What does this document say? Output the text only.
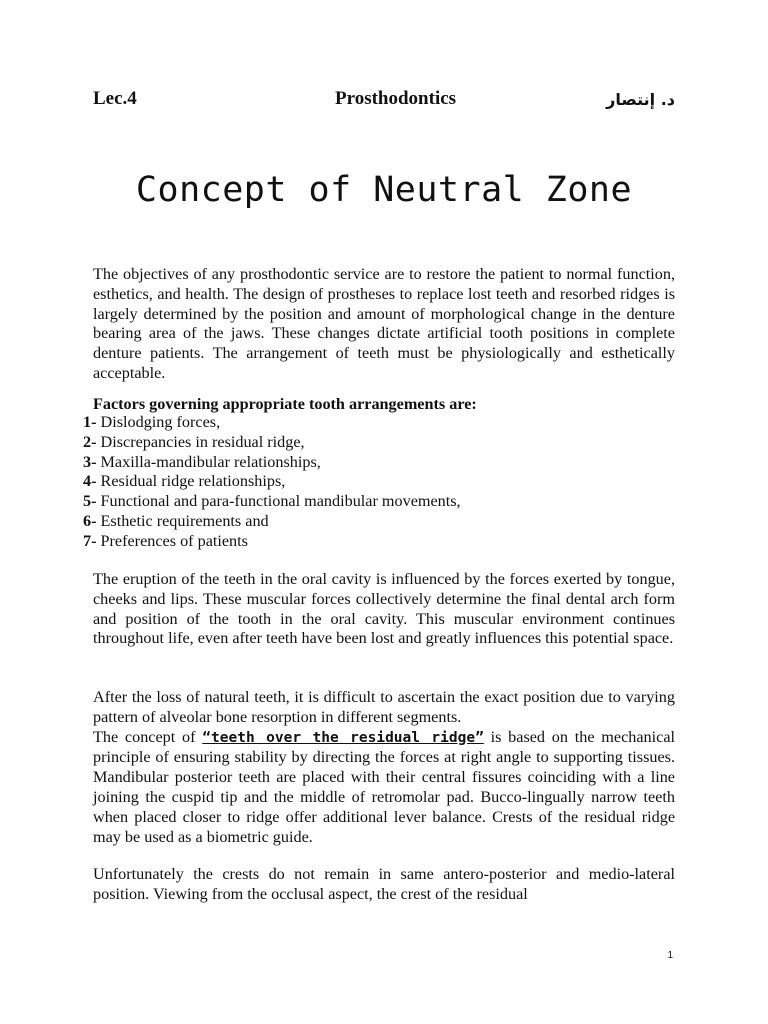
Lec.4	Prosthodontics	د. إنتصار
Concept of Neutral Zone
The objectives of any prosthodontic service are to restore the patient to normal function, esthetics, and health. The design of prostheses to replace lost teeth and resorbed ridges is largely determined by the position and amount of morphological change in the denture bearing area of the jaws. These changes dictate artificial tooth positions in complete denture patients. The arrangement of teeth must be physiologically and esthetically acceptable.
Factors governing appropriate tooth arrangements are:
1- Dislodging forces,
2- Discrepancies in residual ridge,
3- Maxilla-mandibular relationships,
4- Residual ridge relationships,
5- Functional and para-functional mandibular movements,
6- Esthetic requirements and
7- Preferences of patients
The eruption of the teeth in the oral cavity is influenced by the forces exerted by tongue, cheeks and lips. These muscular forces collectively determine the final dental arch form and position of the tooth in the oral cavity. This muscular environment continues throughout life, even after teeth have been lost and greatly influences this potential space.
After the loss of natural teeth, it is difficult to ascertain the exact position due to varying pattern of alveolar bone resorption in different segments.
The concept of “teeth over the residual ridge” is based on the mechanical principle of ensuring stability by directing the forces at right angle to supporting tissues. Mandibular posterior teeth are placed with their central fissures coinciding with a line joining the cuspid tip and the middle of retromolar pad. Bucco-lingually narrow teeth when placed closer to ridge offer additional lever balance. Crests of the residual ridge may be used as a biometric guide.
Unfortunately the crests do not remain in same antero-posterior and medio-lateral position. Viewing from the occlusal aspect, the crest of the residual
1
